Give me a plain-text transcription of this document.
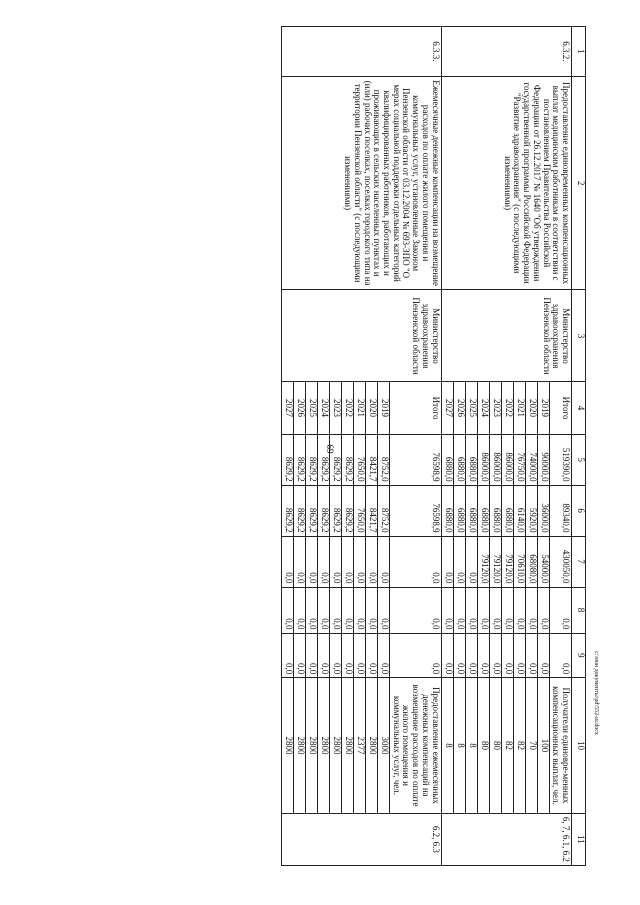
69
c:\мои документы\pd\552-ш.docx
1	2	3	4	5	6	7	8	9	10	11
6.3.2.	Предоставление единовременных компенсационных выплат медицинским работникам в соответствии с постановлением Правительства Российской Федерации от 26.12.2017 № 1640 "Об утверждении государственной программы Российской Федерации "Развитие здравоохранения" (с последующими изменениями)	Министерство здравоохранения Пензенской области	Итого	519390,0	89340,0	430050,0	0,0	0,0	Получатели единовре-менных компенсационных выплат, чел.	6, 7, 6.1, 6.2
			2019	90000,0	36000,0	54000,0	0,0	0,0	100	
			2020	74000,0	5920,0	68080,0	0,0	0,0	70	
			2021	76750,0	6140,0	70610,0	0,0	0,0	82	
			2022	86000,0	6880,0	79120,0	0,0	0,0	82	
			2023	86000,0	6880,0	79120,0	0,0	0,0	80	
			2024	86000,0	6880,0	79120,0	0,0	0,0	80	
			2025	6880,0	6880,0	0,0	0,0	0,0	8	
			2026	6880,0	6880,0	0,0	0,0	0,0	8	
			2027	6880,0	6880,0	0,0	0,0	0,0	8	
6.3.3.	Ежемесячные денежные компенсации на возмещение расходов по оплате жилого помещения и коммунальных услуг, установленные Законом Пензенской области от 03.12.2004 № 693-ЗПО "О мерах социальной поддержки отдельных категорий квалифицированных работников, работающих и проживающих в сельских населенных пунктах и (или) рабочих поселках, поселках городского типа на территории Пензенской области" (с последующими изменениями)	Министерство здравоохранения Пензенской области	Итого	76598,9	76598,9	0,0	0,0	0,0	Предоставление ежемесячных денежных компенсаций на возмещение расходов по оплате жилого помещения и коммунальных услуг, чел.	6.2, 6.3
			2019	8752,0	8752,0	0,0	0,0	0,0	3000	
			2020	8421,7	8421,7	0,0	0,0	0,0	2800	
			2021	7650,0	7650,0	0,0	0,0	0,0	2377	
			2022	8629,2	8629,2	0,0	0,0	0,0	2800	
			2023	8629,2	8629,2	0,0	0,0	0,0	2800	
			2024	8629,2	8629,2	0,0	0,0	0,0	2800	
			2025	8629,2	8629,2	0,0	0,0	0,0	2800	
			2026	8629,2	8629,2	0,0	0,0	0,0	2800	
			2027	8629,2	8629,2	0,0	0,0	0,0	2800	
